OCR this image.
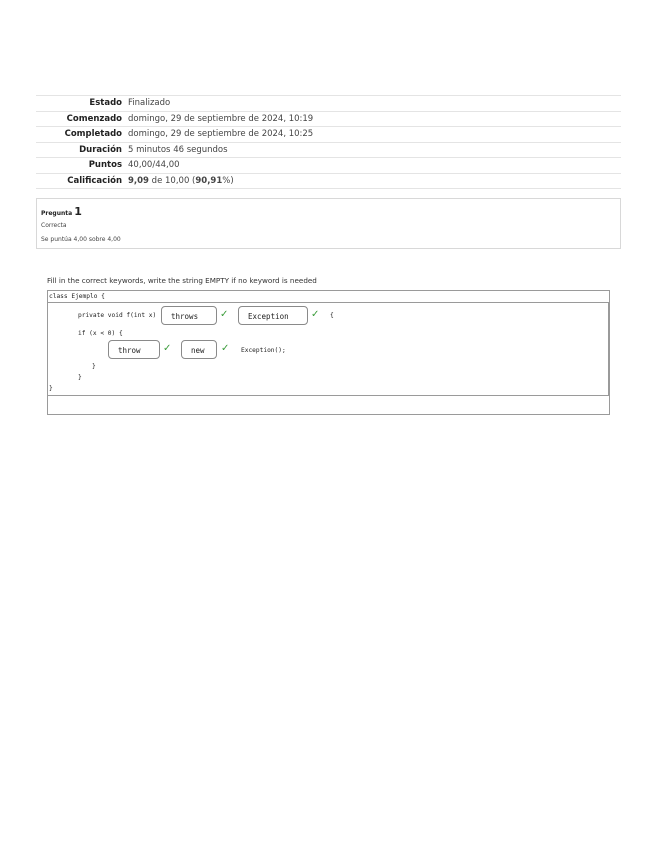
Estado	Finalizado
Comenzado	domingo, 29 de septiembre de 2024, 10:19
Completado	domingo, 29 de septiembre de 2024, 10:25
Duración	5 minutos 46 segundos
Puntos	40,00/44,00
Calificación	9,09 de 10,00 (90,91%)
Pregunta 1
Correcta
Se puntúa 4,00 sobre 4,00
Fill in the correct keywords, write the string EMPTY if no keyword is needed
class Ejemplo {
private void f(int x)	throws	✓	Exception	✓ {
if (x < 0) {
throw	✓	new	✓ Exception();
}
}
}
